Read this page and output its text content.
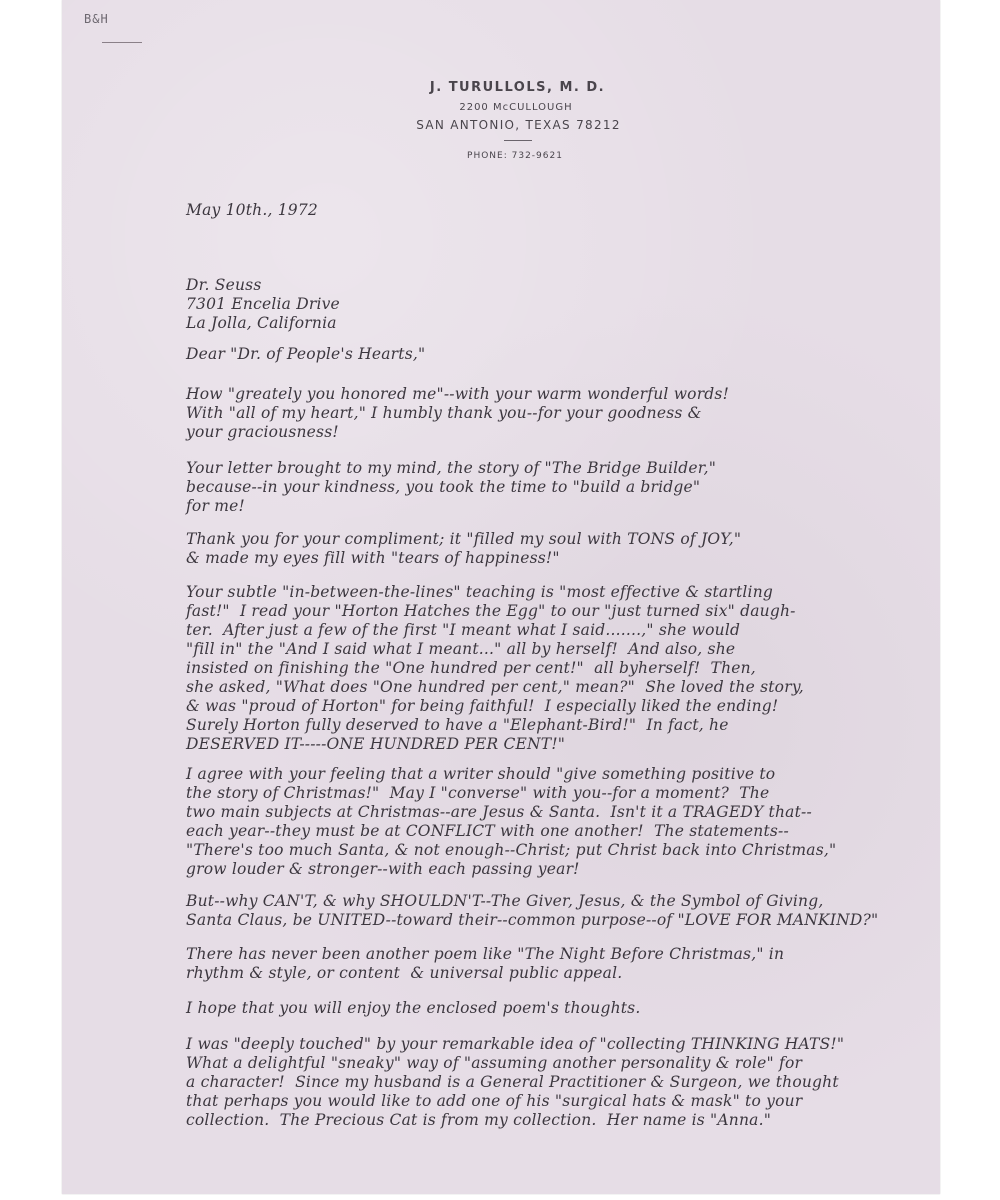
B&H
J. TURULLOLS, M. D.
2200 McCULLOUGH
SAN ANTONIO, TEXAS 78212
PHONE: 732-9621
May 10th., 1972
Dr. Seuss
7301 Encelia Drive
La Jolla, California
Dear "Dr. of People's Hearts,"
How "greately you honored me"--with your warm wonderful words!
With "all of my heart," I humbly thank you--for your goodness &
your graciousness!
Your letter brought to my mind, the story of "The Bridge Builder,"
because--in your kindness, you took the time to "build a bridge"
for me!
Thank you for your compliment; it "filled my soul with TONS of JOY,"
& made my eyes fill with "tears of happiness!"
Your subtle "in-between-the-lines" teaching is "most effective & startling
fast!"  I read your "Horton Hatches the Egg" to our "just turned six" daugh-
ter.  After just a few of the first "I meant what I said.......," she would
"fill in" the "And I said what I meant..." all by herself!  And also, she
insisted on finishing the "One hundred per cent!"  all byherself!  Then,
she asked, "What does "One hundred per cent," mean?"  She loved the story,
& was "proud of Horton" for being faithful!  I especially liked the ending!
Surely Horton fully deserved to have a "Elephant-Bird!"  In fact, he
DESERVED IT-----ONE HUNDRED PER CENT!"
I agree with your feeling that a writer should "give something positive to
the story of Christmas!"  May I "converse" with you--for a moment?  The
two main subjects at Christmas--are Jesus & Santa.  Isn't it a TRAGEDY that--
each year--they must be at CONFLICT with one another!  The statements--
"There's too much Santa, & not enough--Christ; put Christ back into Christmas,"
grow louder & stronger--with each passing year!
But--why CAN'T, & why SHOULDN'T--The Giver, Jesus, & the Symbol of Giving,
Santa Claus, be UNITED--toward their--common purpose--of "LOVE FOR MANKIND?"
There has never been another poem like "The Night Before Christmas," in
rhythm & style, or content  & universal public appeal.
I hope that you will enjoy the enclosed poem's thoughts.
I was "deeply touched" by your remarkable idea of "collecting THINKING HATS!"
What a delightful "sneaky" way of "assuming another personality & role" for
a character!  Since my husband is a General Practitioner & Surgeon, we thought
that perhaps you would like to add one of his "surgical hats & mask" to your
collection.  The Precious Cat is from my collection.  Her name is "Anna."
